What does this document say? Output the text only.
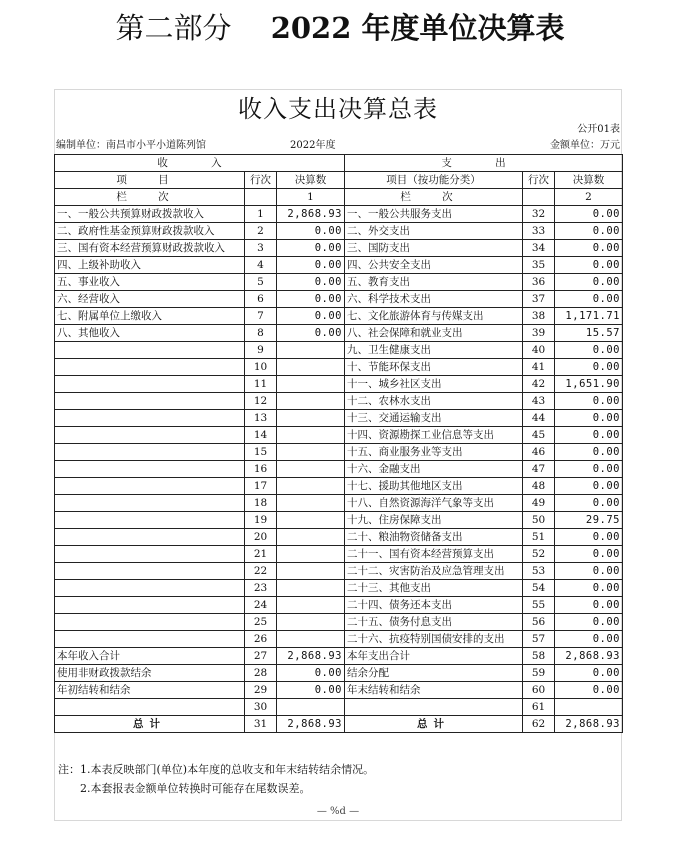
第二部分 2022 年度单位决算表
收入支出决算总表
公开01表
编制单位：南昌市小平小道陈列馆	2022年度	金额单位：万元
收 入			支 出		
项 目	行次	决算数	项目（按功能分类）	行次	决算数
栏 次		1	栏 次		2
一、一般公共预算财政拨款收入	1	2,868.93	一、一般公共服务支出	32	0.00
二、政府性基金预算财政拨款收入	2	0.00	二、外交支出	33	0.00
三、国有资本经营预算财政拨款收入	3	0.00	三、国防支出	34	0.00
四、上级补助收入	4	0.00	四、公共安全支出	35	0.00
五、事业收入	5	0.00	五、教育支出	36	0.00
六、经营收入	6	0.00	六、科学技术支出	37	0.00
七、附属单位上缴收入	7	0.00	七、文化旅游体育与传媒支出	38	1,171.71
八、其他收入	8	0.00	八、社会保障和就业支出	39	15.57
	9		九、卫生健康支出	40	0.00
	10		十、节能环保支出	41	0.00
	11		十一、城乡社区支出	42	1,651.90
	12		十二、农林水支出	43	0.00
	13		十三、交通运输支出	44	0.00
	14		十四、资源勘探工业信息等支出	45	0.00
	15		十五、商业服务业等支出	46	0.00
	16		十六、金融支出	47	0.00
	17		十七、援助其他地区支出	48	0.00
	18		十八、自然资源海洋气象等支出	49	0.00
	19		十九、住房保障支出	50	29.75
	20		二十、粮油物资储备支出	51	0.00
	21		二十一、国有资本经营预算支出	52	0.00
	22		二十二、灾害防治及应急管理支出	53	0.00
	23		二十三、其他支出	54	0.00
	24		二十四、债务还本支出	55	0.00
	25		二十五、债务付息支出	56	0.00
	26		二十六、抗疫特别国债安排的支出	57	0.00
本年收入合计	27	2,868.93	本年支出合计	58	2,868.93
使用非财政拨款结余	28	0.00	结余分配	59	0.00
年初结转和结余	29	0.00	年末结转和结余	60	0.00
	30			61	
总计	31	2,868.93	总计	62	2,868.93
注：1.本表反映部门(单位)本年度的总收支和年末结转结余情况。
2.本套报表金额单位转换时可能存在尾数误差。
— %d —
